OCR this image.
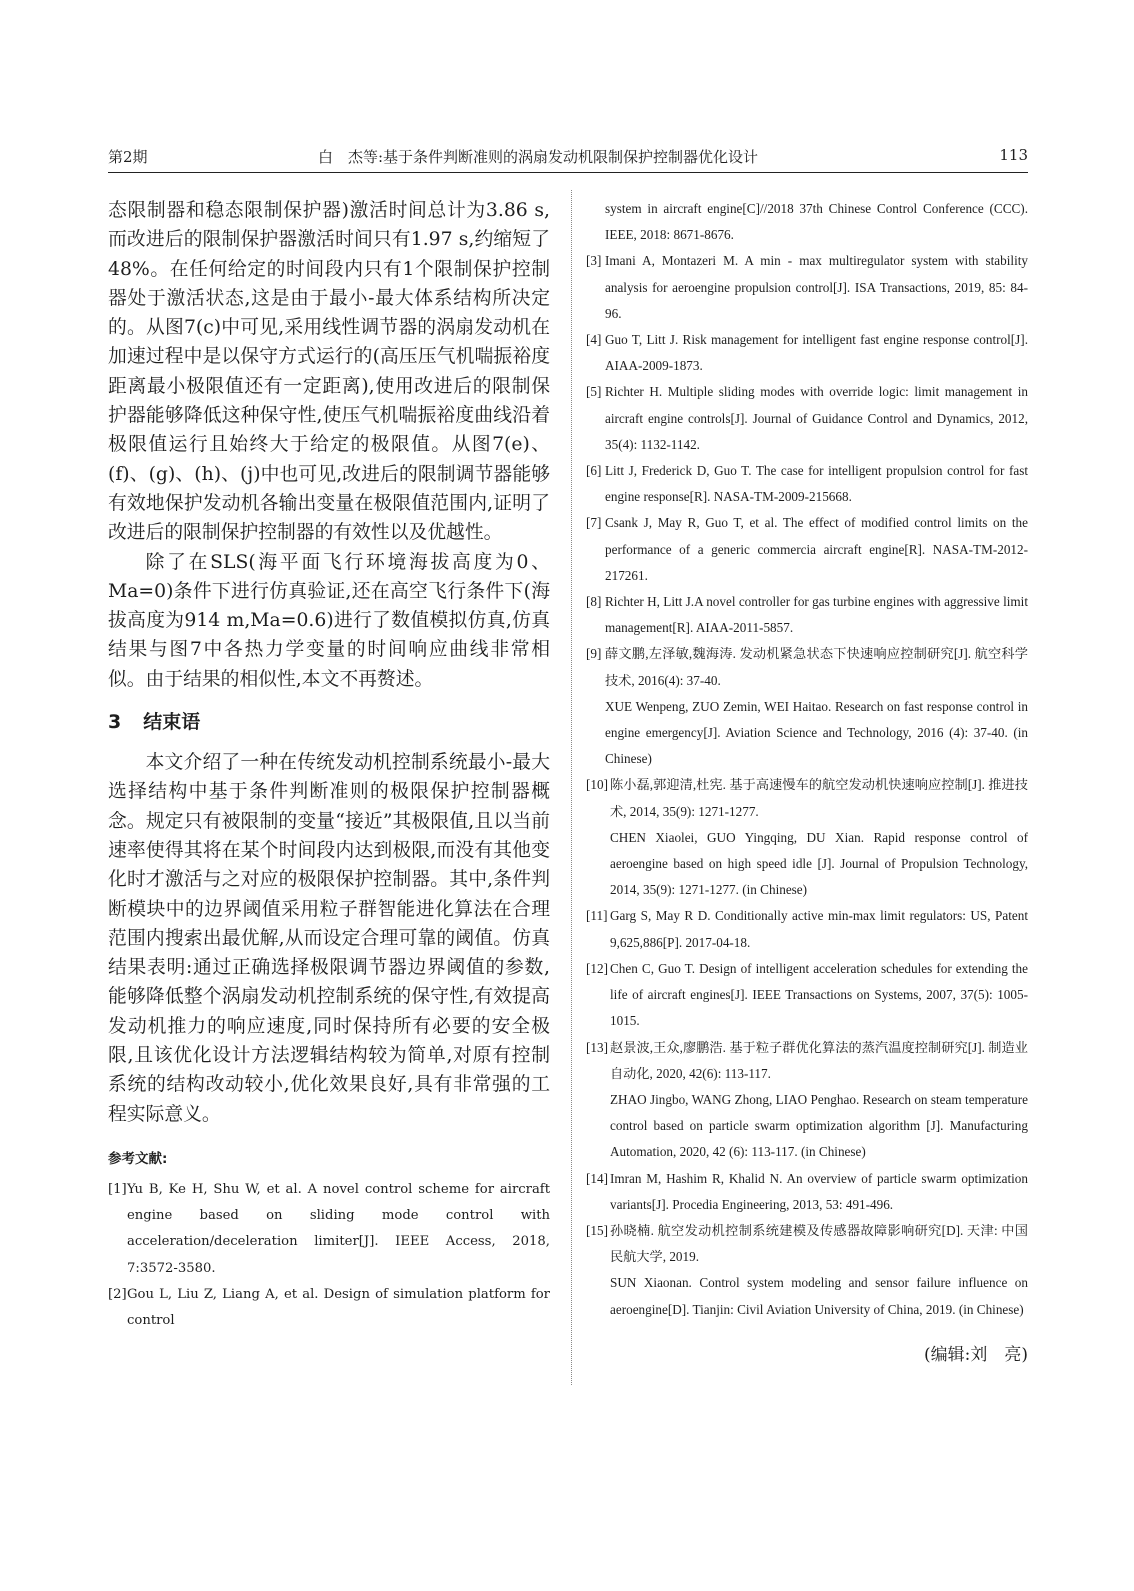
第2期	白　杰等:基于条件判断准则的涡扇发动机限制保护控制器优化设计	113

态限制器和稳态限制保护器)激活时间总计为3.86 s,而改进后的限制保护器激活时间只有1.97 s,约缩短了48%。在任何给定的时间段内只有1个限制保护控制器处于激活状态,这是由于最小-最大体系结构所决定的。从图7(c)中可见,采用线性调节器的涡扇发动机在加速过程中是以保守方式运行的(高压压气机喘振裕度距离最小极限值还有一定距离),使用改进后的限制保护器能够降低这种保守性,使压气机喘振裕度曲线沿着极限值运行且始终大于给定的极限值。从图7(e)、(f)、(g)、(h)、(j)中也可见,改进后的限制调节器能够有效地保护发动机各输出变量在极限值范围内,证明了改进后的限制保护控制器的有效性以及优越性。

除了在SLS(海平面飞行环境海拔高度为0、Ma=0)条件下进行仿真验证,还在高空飞行条件下(海拔高度为914 m,Ma=0.6)进行了数值模拟仿真,仿真结果与图7中各热力学变量的时间响应曲线非常相似。由于结果的相似性,本文不再赘述。

3 结束语

本文介绍了一种在传统发动机控制系统最小-最大选择结构中基于条件判断准则的极限保护控制器概念。规定只有被限制的变量“接近”其极限值,且以当前速率使得其将在某个时间段内达到极限,而没有其他变化时才激活与之对应的极限保护控制器。其中,条件判断模块中的边界阈值采用粒子群智能进化算法在合理范围内搜索出最优解,从而设定合理可靠的阈值。仿真结果表明:通过正确选择极限调节器边界阈值的参数,能够降低整个涡扇发动机控制系统的保守性,有效提高发动机推力的响应速度,同时保持所有必要的安全极限,且该优化设计方法逻辑结构较为简单,对原有控制系统的结构改动较小,优化效果良好,具有非常强的工程实际意义。

参考文献:

[1] Yu B, Ke H, Shu W, et al. A novel control scheme for aircraft engine based on sliding mode control with acceleration/deceleration limiter[J]. IEEE Access, 2018, 7:3572-3580.

[2] Gou L, Liu Z, Liang A, et al. Design of simulation platform for control

system in aircraft engine[C]//2018 37th Chinese Control Conference (CCC). IEEE, 2018: 8671-8676.

[3] Imani A, Montazeri M. A min - max multiregulator system with stability analysis for aeroengine propulsion control[J]. ISA Transactions, 2019, 85: 84-96.

[4] Guo T, Litt J. Risk management for intelligent fast engine response control[J]. AIAA-2009-1873.

[5] Richter H. Multiple sliding modes with override logic: limit management in aircraft engine controls[J]. Journal of Guidance Control and Dynamics, 2012, 35(4): 1132-1142.

[6] Litt J, Frederick D, Guo T. The case for intelligent propulsion control for fast engine response[R]. NASA-TM-2009-215668.

[7] Csank J, May R, Guo T, et al. The effect of modified control limits on the performance of a generic commercia aircraft engine[R]. NASA-TM-2012-217261.

[8] Richter H, Litt J.A novel controller for gas turbine engines with aggressive limit management[R]. AIAA-2011-5857.

[9] 薛文鹏,左泽敏,魏海涛. 发动机紧急状态下快速响应控制研究[J]. 航空科学技术, 2016(4): 37-40.

XUE Wenpeng, ZUO Zemin, WEI Haitao. Research on fast response control in engine emergency[J]. Aviation Science and Technology, 2016 (4): 37-40. (in Chinese)

[10] 陈小磊,郭迎清,杜宪. 基于高速慢车的航空发动机快速响应控制[J]. 推进技术, 2014, 35(9): 1271-1277.

CHEN Xiaolei, GUO Yingqing, DU Xian. Rapid response control of aeroengine based on high speed idle [J]. Journal of Propulsion Technology, 2014, 35(9): 1271-1277. (in Chinese)

[11] Garg S, May R D. Conditionally active min-max limit regulators: US, Patent 9,625,886[P]. 2017-04-18.

[12] Chen C, Guo T. Design of intelligent acceleration schedules for extending the life of aircraft engines[J]. IEEE Transactions on Systems, 2007, 37(5): 1005-1015.

[13] 赵景波,王众,廖鹏浩. 基于粒子群优化算法的蒸汽温度控制研究[J]. 制造业自动化, 2020, 42(6): 113-117.

ZHAO Jingbo, WANG Zhong, LIAO Penghao. Research on steam temperature control based on particle swarm optimization algorithm [J]. Manufacturing Automation, 2020, 42 (6): 113-117. (in Chinese)

[14] Imran M, Hashim R, Khalid N. An overview of particle swarm optimization variants[J]. Procedia Engineering, 2013, 53: 491-496.

[15] 孙晓楠. 航空发动机控制系统建模及传感器故障影响研究[D]. 天津: 中国民航大学, 2019.

SUN Xiaonan. Control system modeling and sensor failure influence on aeroengine[D]. Tianjin: Civil Aviation University of China, 2019. (in Chinese)

(编辑:刘　亮)
